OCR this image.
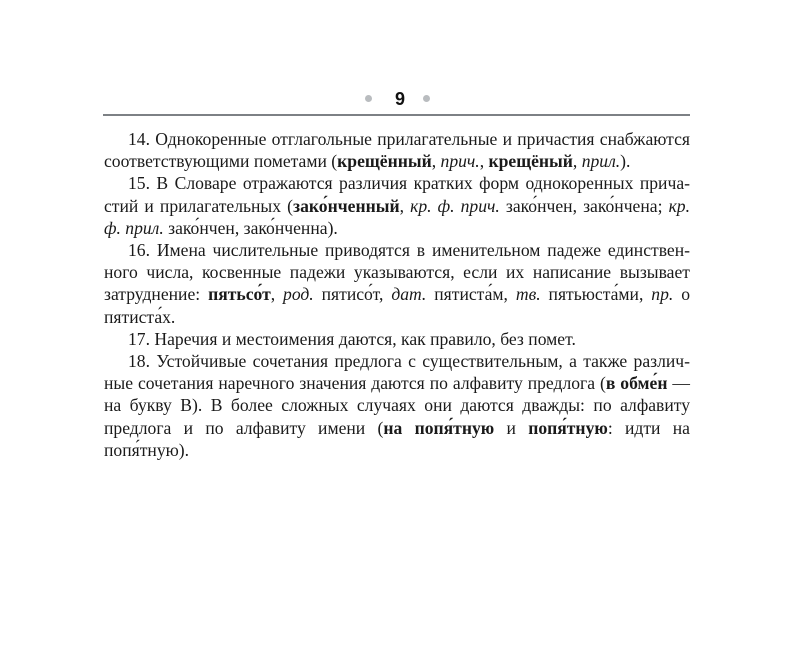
9

14. Однокоренные отглагольные прилагательные и причастия снабжаются соответствующими пометами (крещённый, прич., крещёный, прил.).

15. В Словаре отражаются различия кратких форм однокоренных причастий и прилагательных (зако́нченный, кр. ф. прич. зако́нчен, зако́нчена; кр. ф. прил. зако́нчен, зако́нченна).

16. Имена числительные приводятся в именительном падеже единственного числа, косвенные падежи указываются, если их написание вызывает затруднение: пятьсо́т, род. пятисо́т, дат. пятиста́м, тв. пятьюста́ми, пр. о пятиста́х.

17. Наречия и местоимения даются, как правило, без помет.

18. Устойчивые сочетания предлога с существительным, а также различные сочетания наречного значения даются по алфавиту предлога (в обме́н — на букву В). В более сложных случаях они даются дважды: по алфавиту предлога и по алфавиту имени (на попя́тную и попя́тную: идти на попя́тную).
